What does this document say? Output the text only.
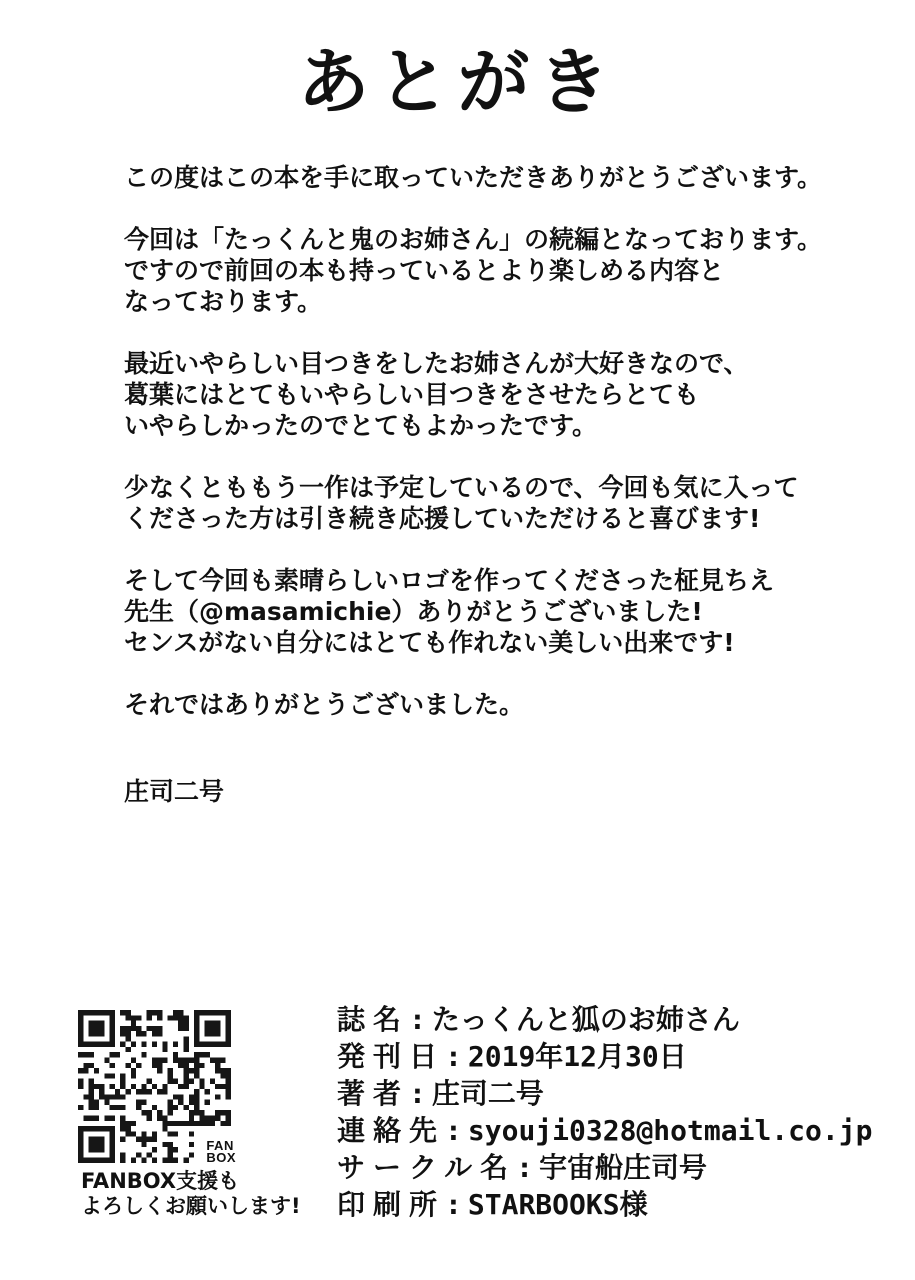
あとがき
この度はこの本を手に取っていただきありがとうございます。
今回は「たっくんと鬼のお姉さん」の続編となっております。
ですので前回の本も持っているとより楽しめる内容と
なっております。
最近いやらしい目つきをしたお姉さんが大好きなので、
葛葉にはとてもいやらしい目つきをさせたらとても
いやらしかったのでとてもよかったです。
少なくとももう一作は予定しているので、今回も気に入って
くださった方は引き続き応援していただけると喜びます!
そして今回も素晴らしいロゴを作ってくださった柾見ちえ
先生（@masamichie）ありがとうございました!
センスがない自分にはとても作れない美しい出来です!
それではありがとうございました。
庄司二号
FAN
BOX
FANBOX支援も
よろしくお願いします!
誌名: たっくんと狐のお姉さん
発刊日: 2019年12月30日
著者: 庄司二号
連絡先: syouji0328@hotmail.co.jp
サークル名: 宇宙船庄司号
印刷所: STARBOOKS様
